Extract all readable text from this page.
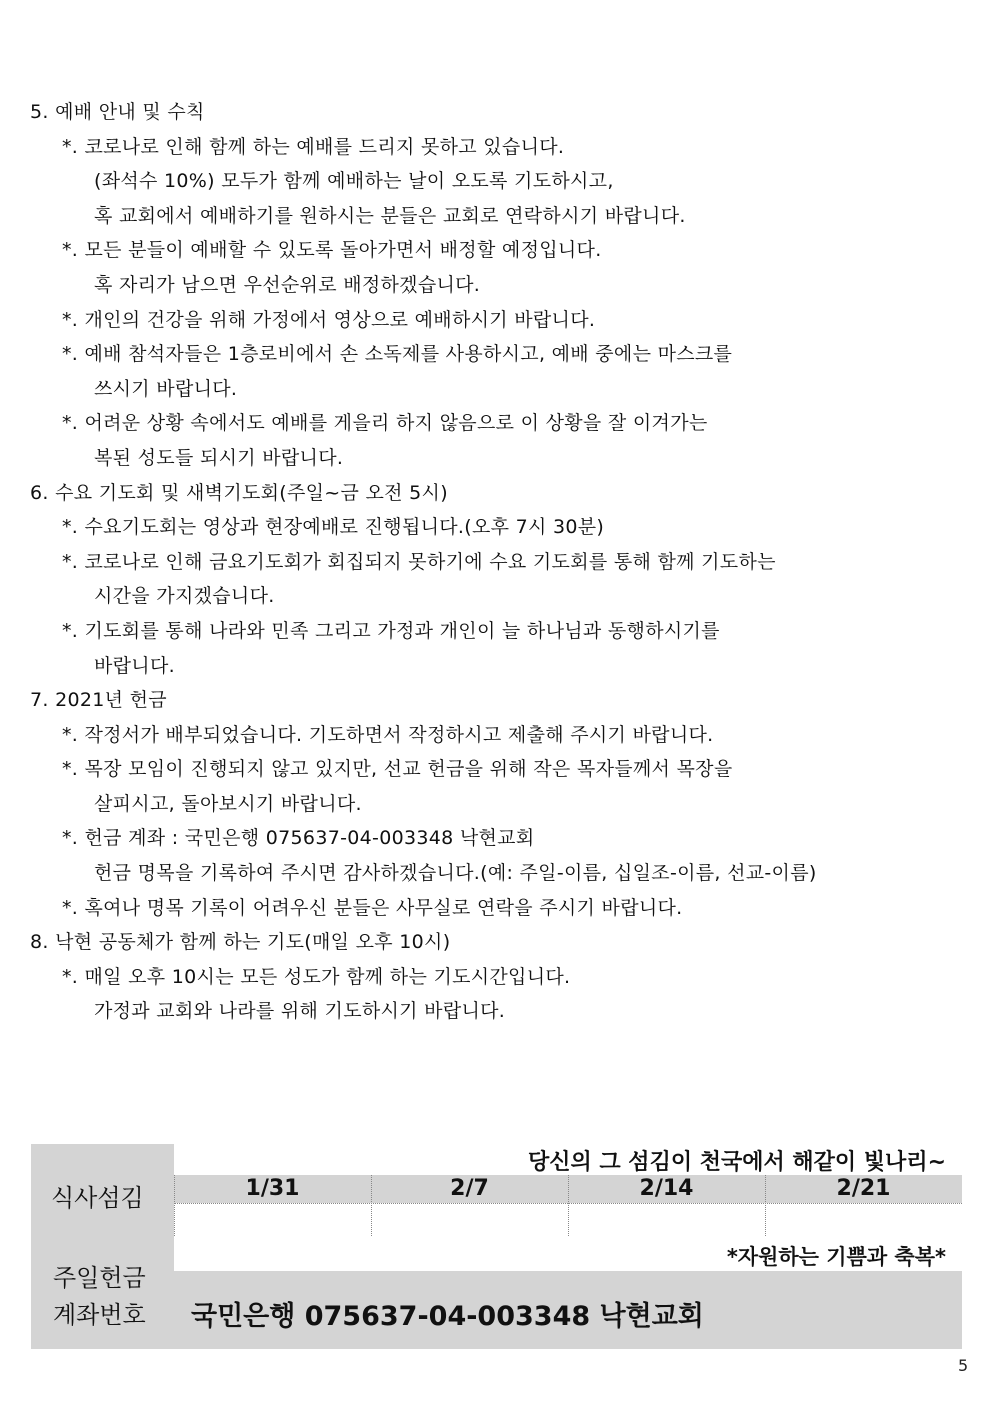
5. 예배 안내 및 수칙
*. 코로나로 인해 함께 하는 예배를 드리지 못하고 있습니다.
(좌석수 10%) 모두가 함께 예배하는 날이 오도록 기도하시고,
혹 교회에서 예배하기를 원하시는 분들은 교회로 연락하시기 바랍니다.
*. 모든 분들이 예배할 수 있도록 돌아가면서 배정할 예정입니다.
혹 자리가 남으면 우선순위로 배정하겠습니다.
*. 개인의 건강을 위해 가정에서 영상으로 예배하시기 바랍니다.
*. 예배 참석자들은 1층로비에서 손 소독제를 사용하시고, 예배 중에는 마스크를
쓰시기 바랍니다.
*. 어려운 상황 속에서도 예배를 게을리 하지 않음으로 이 상황을 잘 이겨가는
복된 성도들 되시기 바랍니다.
6. 수요 기도회 및 새벽기도회(주일~금 오전 5시)
*. 수요기도회는 영상과 현장예배로 진행됩니다.(오후 7시 30분)
*. 코로나로 인해 금요기도회가 회집되지 못하기에 수요 기도회를 통해 함께 기도하는
시간을 가지겠습니다.
*. 기도회를 통해 나라와 민족 그리고 가정과 개인이 늘 하나님과 동행하시기를
바랍니다.
7. 2021년 헌금
*. 작정서가 배부되었습니다. 기도하면서 작정하시고 제출해 주시기 바랍니다.
*. 목장 모임이 진행되지 않고 있지만, 선교 헌금을 위해 작은 목자들께서 목장을
살피시고, 돌아보시기 바랍니다.
*. 헌금 계좌 : 국민은행 075637-04-003348 낙현교회
헌금 명목을 기록하여 주시면 감사하겠습니다.(예: 주일-이름, 십일조-이름, 선교-이름)
*. 혹여나 명목 기록이 어려우신 분들은 사무실로 연락을 주시기 바랍니다.
8. 낙현 공동체가 함께 하는 기도(매일 오후 10시)
*. 매일 오후 10시는 모든 성도가 함께 하는 기도시간입니다.
가정과 교회와 나라를 위해 기도하시기 바랍니다.
당신의 그 섬김이 천국에서 해같이 빛나리~
식사섬김	1/31	2/7	2/14	2/21
*자원하는 기쁨과 축복*
주일헌금
계좌번호 국민은행 075637-04-003348 낙현교회
5
